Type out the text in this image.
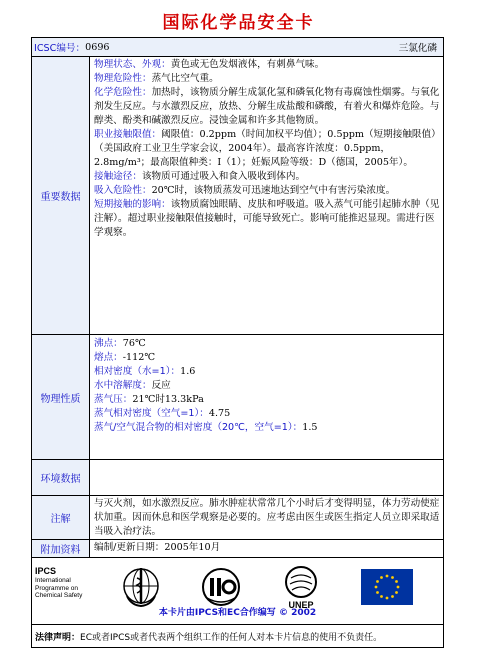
国际化学品安全卡
ICSC编号： 0696	三氯化磷
重要数据
物理状态、外观：黄色或无色发烟液体，有刺鼻气味。
物理危险性：蒸气比空气重。
化学危险性：加热时，该物质分解生成氯化氢和磷氧化物有毒腐蚀性烟雾。与氧化剂发生反应。与水激烈反应，放热、分解生成盐酸和磷酸，有着火和爆炸危险。与醇类、酚类和碱激烈反应。浸蚀金属和许多其他物质。
职业接触限值：阈限值：0.2ppm（时间加权平均值）；0.5ppm（短期接触限值）（美国政府工业卫生学家会议，2004年）。最高容许浓度：0.5ppm，2.8mg/m³；最高限值种类：I（1）；妊娠风险等级：D（德国，2005年）。
接触途径：该物质可通过吸入和食入吸收到体内。
吸入危险性：20℃时，该物质蒸发可迅速地达到空气中有害污染浓度。
短期接触的影响：该物质腐蚀眼睛、皮肤和呼吸道。吸入蒸气可能引起肺水肿（见注解）。超过职业接触限值接触时，可能导致死亡。影响可能推迟显现。需进行医学观察。
物理性质
沸点：76℃
熔点：-112℃
相对密度（水=1）：1.6
水中溶解度：反应
蒸气压：21℃时13.3kPa
蒸气相对密度（空气=1）：4.75
蒸气/空气混合物的相对密度（20℃，空气=1）：1.5
环境数据
注解
与灭火剂，如水激烈反应。肺水肿症状常常几个小时后才变得明显，体力劳动使症状加重。因而休息和医学观察是必要的。应考虑由医生或医生指定人员立即采取适当吸入治疗法。
附加资料	编制/更新日期：2005年10月
IPCS
International
Programme on
Chemical Safety
UNEP
本卡片由IPCS和EC合作编写 © 2002
法律声明： EC或者IPCS或者代表两个组织工作的任何人对本卡片信息的使用不负责任。
